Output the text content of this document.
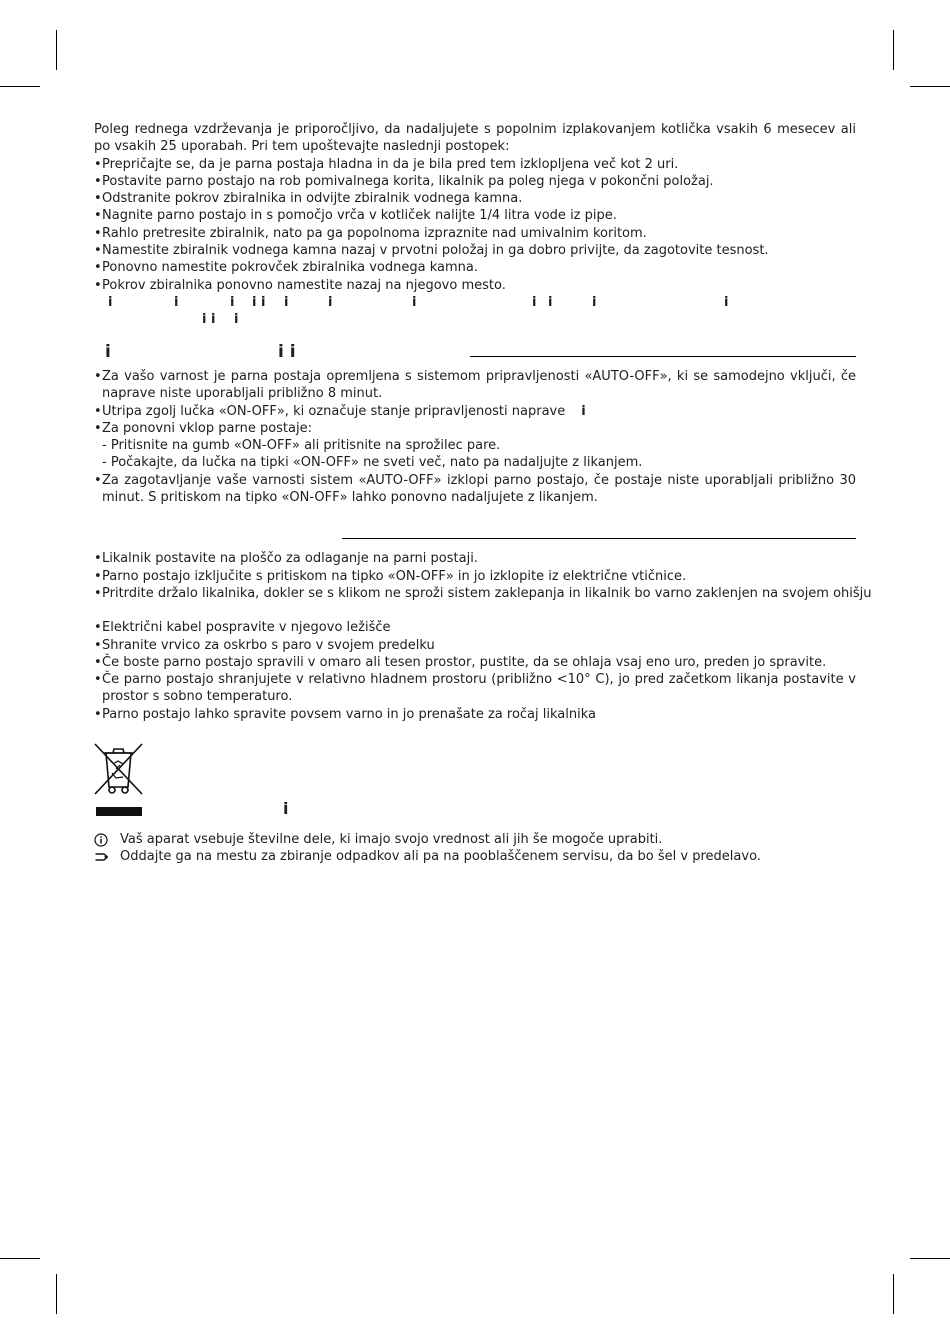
Poleg rednega vzdrževanja je priporočljivo, da nadaljujete s popolnim izplakovanjem kotlička vsakih 6 mesecev ali po vsakih 25 uporabah. Pri tem upoštevajte naslednji postopek:
• Prepričajte se, da je parna postaja hladna in da je bila pred tem izklopljena več kot 2 uri.
• Postavite parno postajo na rob pomivalnega korita, likalnik pa poleg njega v pokončni položaj.
• Odstranite pokrov zbiralnika in odvijte zbiralnik vodnega kamna.
• Nagnite parno postajo in s pomočjo vrča v kotliček nalijte 1/4 litra vode iz pipe.
• Rahlo pretresite zbiralnik, nato pa ga popolnoma izpraznite nad umivalnim koritom.
• Namestite zbiralnik vodnega kamna nazaj v prvotni položaj in ga dobro privijte, da zagotovite tesnost.
• Ponovno namestite pokrovček zbiralnika vodnega kamna.
• Pokrov zbiralnika ponovno namestite nazaj na njegovo mesto.
i	i	i i i i	i	i	i i	i	i
i i i
i	i i
• Za vašo varnost je parna postaja opremljena s sistemom pripravljenosti «AUTO-OFF», ki se samodejno vključi, če naprave niste uporabljali približno 8 minut.
• Utripa zgolj lučka «ON-OFF», ki označuje stanje pripravljenosti naprave i
• Za ponovni vklop parne postaje:
- Pritisnite na gumb «ON-OFF» ali pritisnite na sprožilec pare.
- Počakajte, da lučka na tipki «ON-OFF» ne sveti več, nato pa nadaljujte z likanjem.
• Za zagotavljanje vaše varnosti sistem «AUTO-OFF» izklopi parno postajo, če postaje niste uporabljali približno 30 minut. S pritiskom na tipko «ON-OFF» lahko ponovno nadaljujete z likanjem.
• Likalnik postavite na ploščo za odlaganje na parni postaji.
• Parno postajo izključite s pritiskom na tipko «ON-OFF» in jo izklopite iz električne vtičnice.
• Pritrdite držalo likalnika, dokler se s klikom ne sproži sistem zaklepanja in likalnik bo varno zaklenjen na svojem ohišju
• Električni kabel pospravite v njegovo ležišče
• Shranite vrvico za oskrbo s paro v svojem predelku
• Če boste parno postajo spravili v omaro ali tesen prostor, pustite, da se ohlaja vsaj eno uro, preden jo spravite.
• Če parno postajo shranjujete v relativno hladnem prostoru (približno <10° C), jo pred začetkom likanja postavite v prostor s sobno temperaturo.
• Parno postajo lahko spravite povsem varno in jo prenašate za ročaj likalnika
i
Vaš aparat vsebuje številne dele, ki imajo svojo vrednost ali jih še mogoče uprabiti.
Oddajte ga na mestu za zbiranje odpadkov ali pa na pooblaščenem servisu, da bo šel v predelavo.
